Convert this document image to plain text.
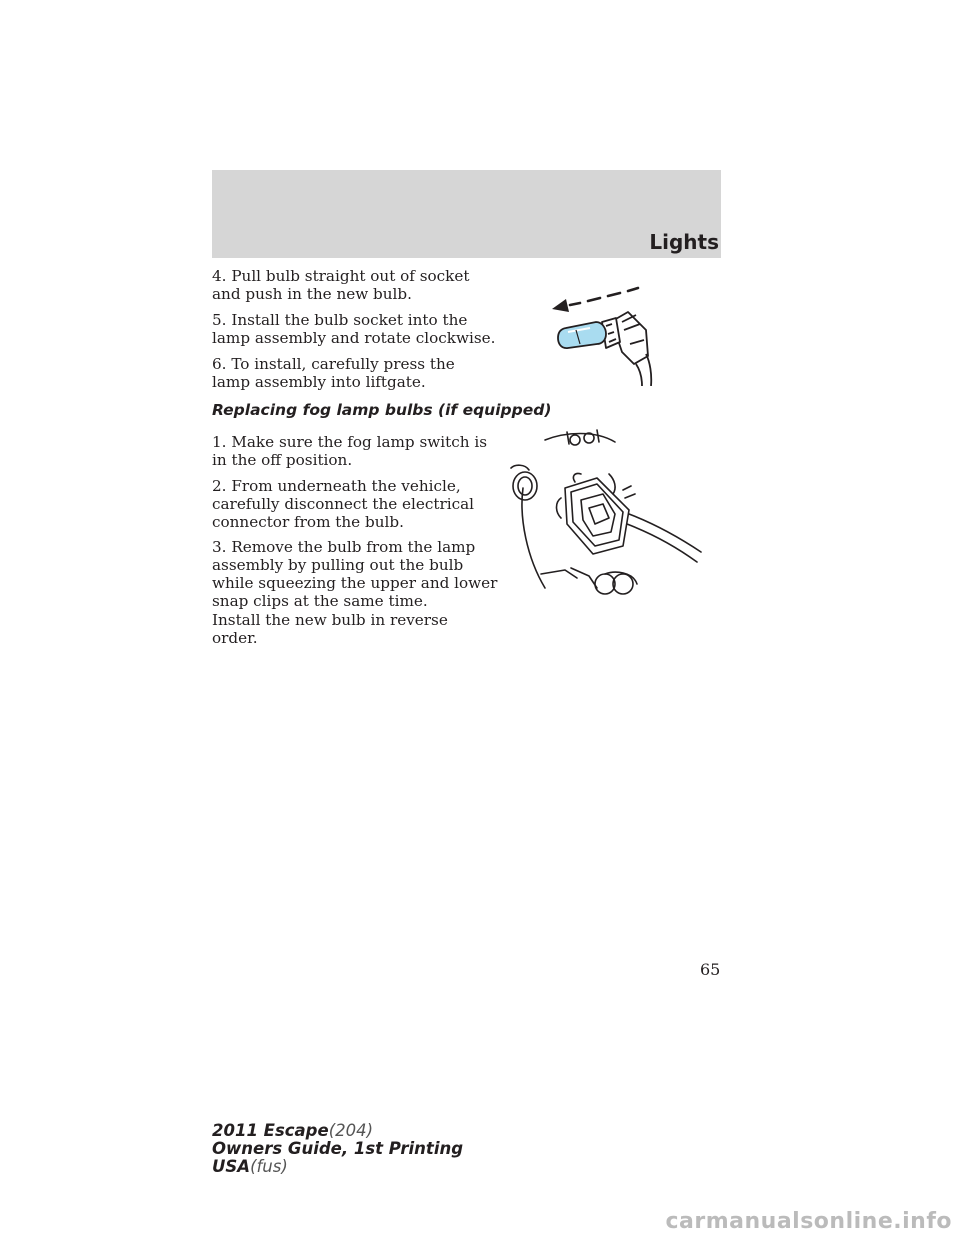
Lights

4. Pull bulb straight out of socket
and push in the new bulb.

5. Install the bulb socket into the
lamp assembly and rotate clockwise.

6. To install, carefully press the
lamp assembly into liftgate.

Replacing fog lamp bulbs (if equipped)

1. Make sure the fog lamp switch is
in the off position.

2. From underneath the vehicle,
carefully disconnect the electrical
connector from the bulb.

3. Remove the bulb from the lamp
assembly by pulling out the bulb
while squeezing the upper and lower
snap clips at the same time.

Install the new bulb in reverse
order.

65
2011 Escape(204)
Owners Guide, 1st Printing
USA(fus)
carmanualsonline.info
